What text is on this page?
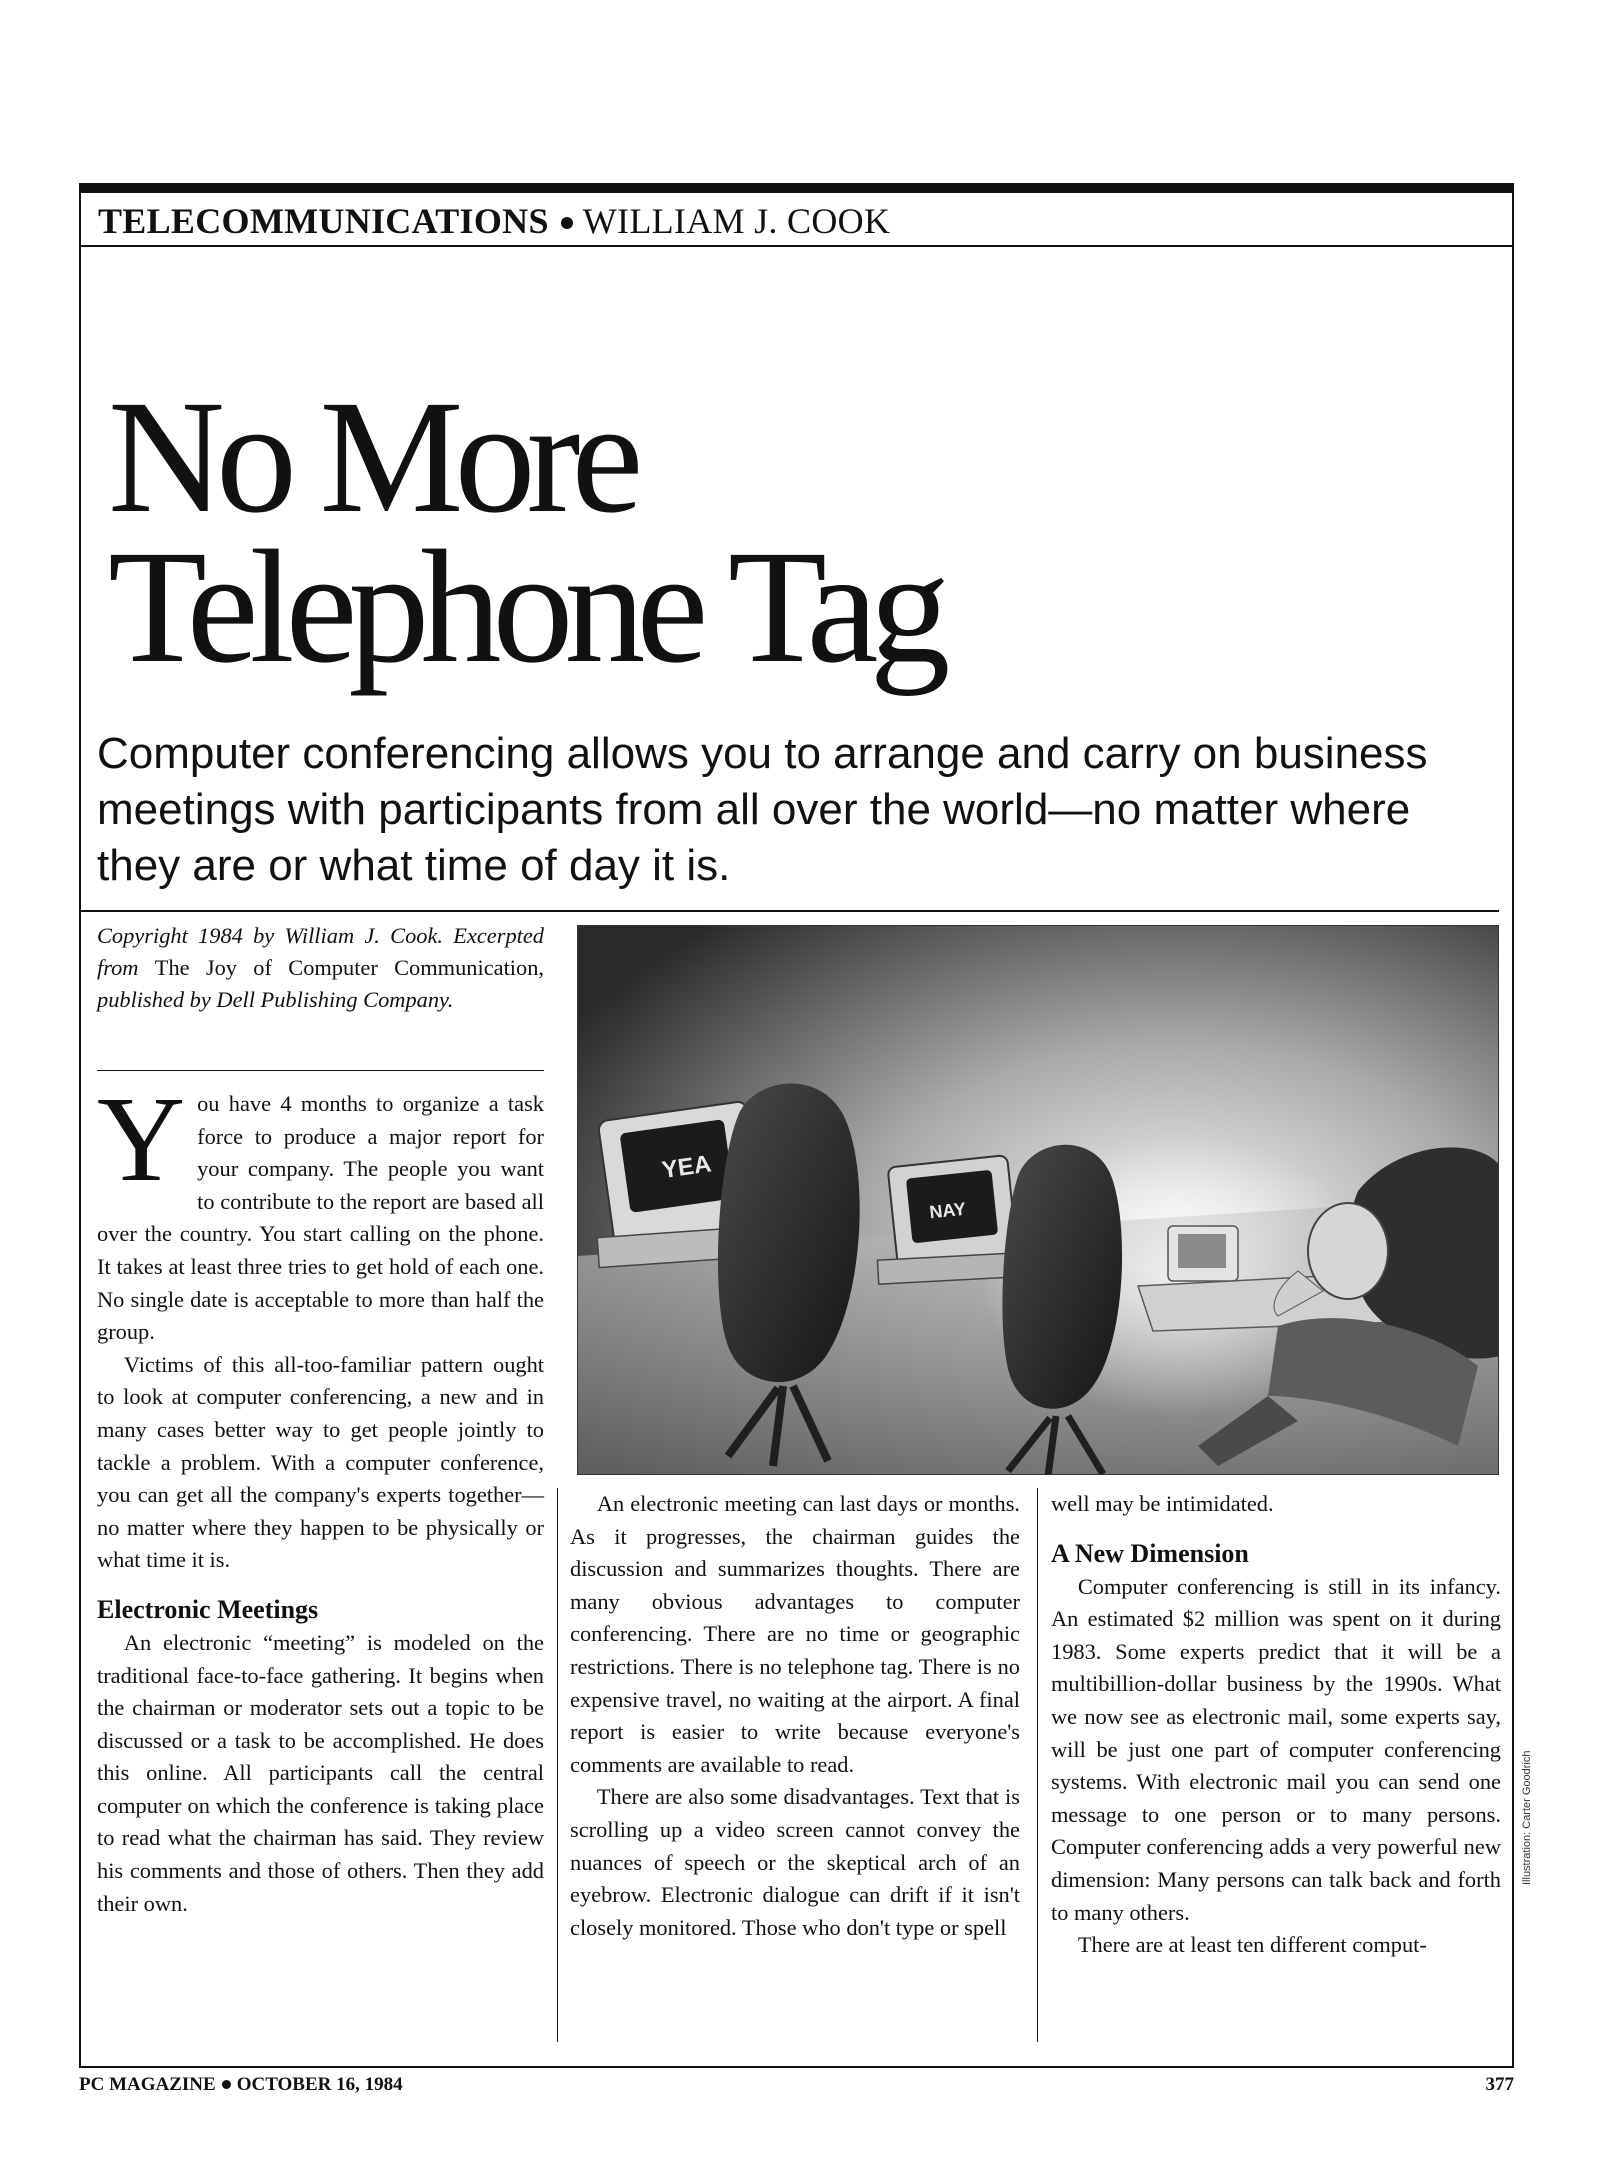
TELECOMMUNICATIONS WILLIAM J. COOK
No More
Telephone Tag

Computer conferencing allows you to arrange and carry on business meetings with participants from all over the world—no matter where they are or what time of day it is.

Copyright 1984 by William J. Cook. Excerpted from The Joy of Computer Communication, published by Dell Publishing Company.

You have 4 months to organize a task force to produce a major report for your company. The people you want to contribute to the report are based all over the country. You start calling on the phone. It takes at least three tries to get hold of each one. No single date is acceptable to more than half the group.

Victims of this all-too-familiar pattern ought to look at computer conferencing, a new and in many cases better way to get people jointly to tackle a problem. With a computer conference, you can get all the company's experts together—no matter where they happen to be physically or what time it is.

Electronic Meetings

An electronic “meeting” is modeled on the traditional face-to-face gathering. It begins when the chairman or moderator sets out a topic to be discussed or a task to be accomplished. He does this online. All participants call the central computer on which the conference is taking place to read what the chairman has said. They review his comments and those of others. Then they add their own.

YEA
NAY

An electronic meeting can last days or months. As it progresses, the chairman guides the discussion and summarizes thoughts. There are many obvious advantages to computer conferencing. There are no time or geographic restrictions. There is no telephone tag. There is no expensive travel, no waiting at the airport. A final report is easier to write because everyone's comments are available to read.

There are also some disadvantages. Text that is scrolling up a video screen cannot convey the nuances of speech or the skeptical arch of an eyebrow. Electronic dialogue can drift if it isn't closely monitored. Those who don't type or spell

well may be intimidated.

A New Dimension

Computer conferencing is still in its infancy. An estimated $2 million was spent on it during 1983. Some experts predict that it will be a multibillion-dollar business by the 1990s. What we now see as electronic mail, some experts say, will be just one part of computer conferencing systems. With electronic mail you can send one message to one person or to many persons. Computer conferencing adds a very powerful new dimension: Many persons can talk back and forth to many others.

There are at least ten different comput-

Illustration: Carter Goodrich
PC MAGAZINE OCTOBER 16, 1984	377
